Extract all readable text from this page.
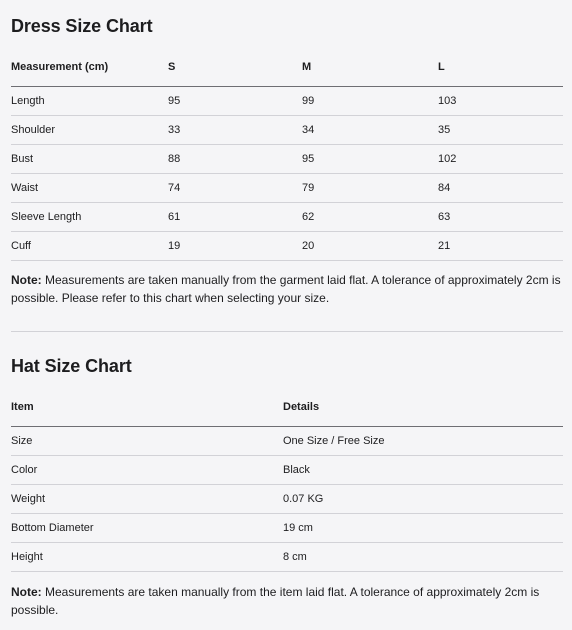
Dress Size Chart
Measurement (cm)	S	M	L
Length	95	99	103
Shoulder	33	34	35
Bust	88	95	102
Waist	74	79	84
Sleeve Length	61	62	63
Cuff	19	20	21

Note: Measurements are taken manually from the garment laid flat. A tolerance of approximately 2cm is possible. Please refer to this chart when selecting your size.

Hat Size Chart
Item	Details
Size	One Size / Free Size
Color	Black
Weight	0.07 KG
Bottom Diameter	19 cm
Height	8 cm

Note: Measurements are taken manually from the item laid flat. A tolerance of approximately 2cm is possible.
